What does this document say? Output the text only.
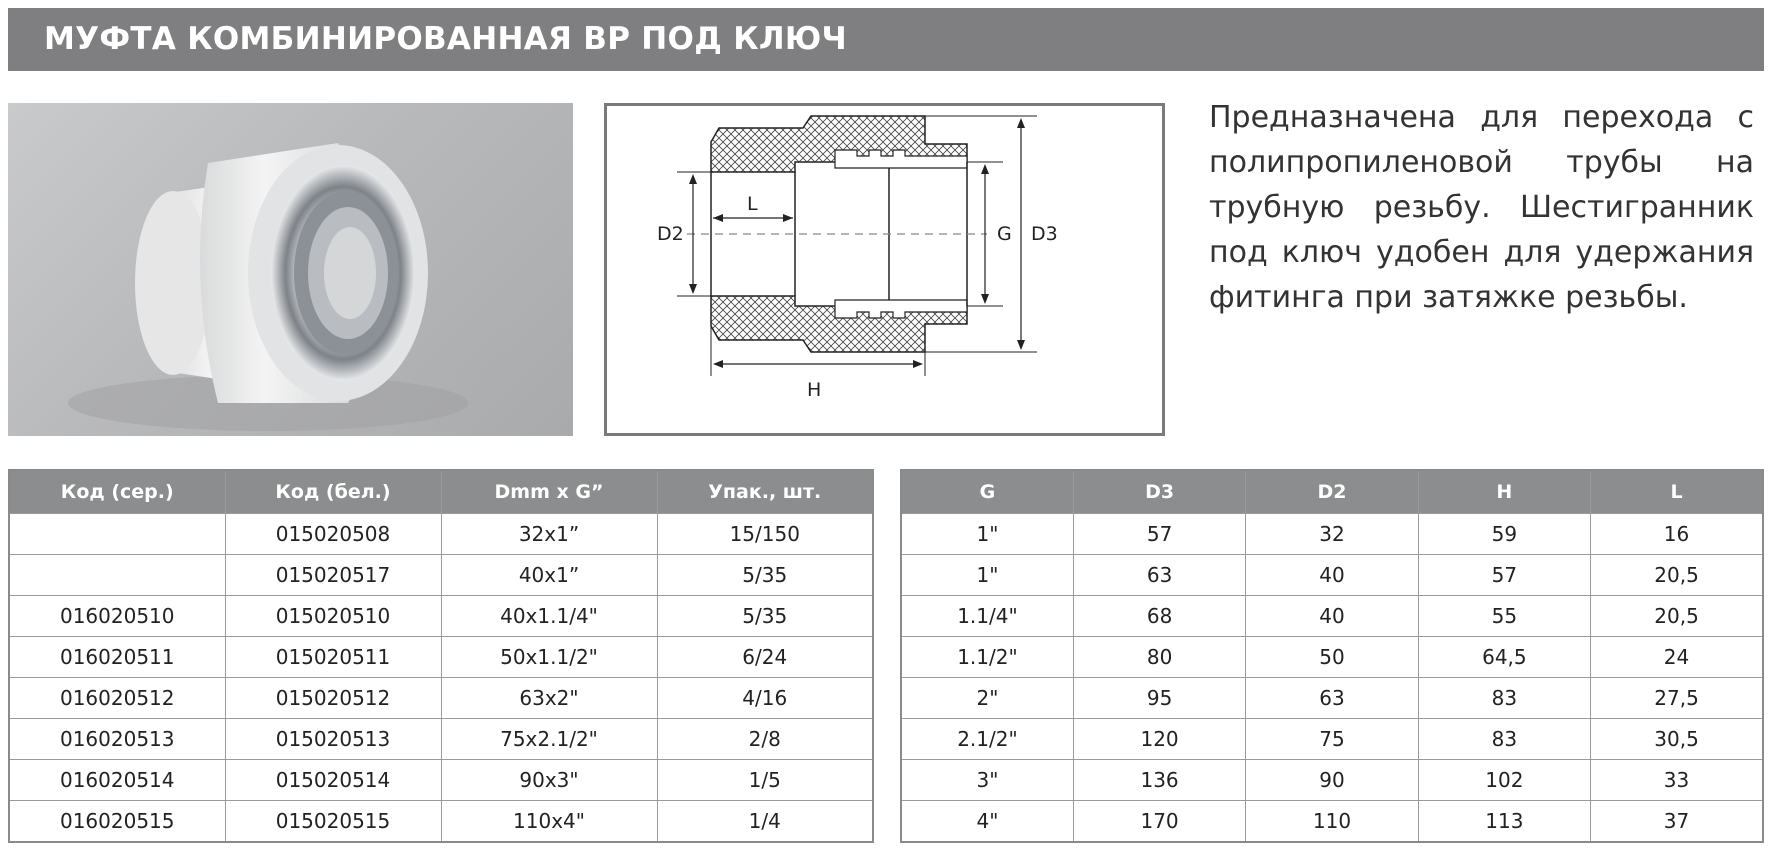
МУФТА КОМБИНИРОВАННАЯ ВР ПОД КЛЮЧ
D2
L
G D3
H

Предназначена для перехода с полипропиленовой трубы на трубную резьбу. Шестигранник под ключ удобен для удержания фитинга при затяжке резьбы.

Код (сер.)	Код (бел.)	Dmm x G”	Упак., шт.
	015020508	32x1”	15/150
	015020517	40x1”	5/35
016020510	015020510	40x1.1/4"	5/35
016020511	015020511	50x1.1/2"	6/24
016020512	015020512	63x2"	4/16
016020513	015020513	75x2.1/2"	2/8
016020514	015020514	90x3"	1/5
016020515	015020515	110x4"	1/4
G	D3	D2	H	L
1"	57	32	59	16
1"	63	40	57	20,5
1.1/4"	68	40	55	20,5
1.1/2"	80	50	64,5	24
2"	95	63	83	27,5
2.1/2"	120	75	83	30,5
3"	136	90	102	33
4"	170	110	113	37
